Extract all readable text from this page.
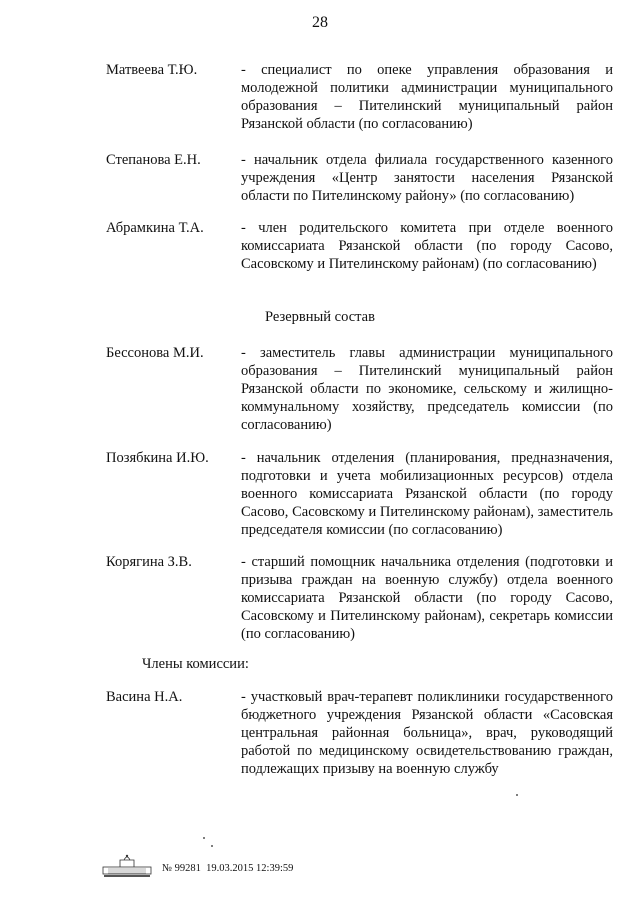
28
Матвеева Т.Ю.	- специалист по опеке управления образования и молодежной политики администрации муниципального образования – Пителинский муниципальный район Рязанской области (по согласованию)
Степанова Е.Н.	- начальник отдела филиала государственного казенного учреждения «Центр занятости населения Рязанской области по Пителинскому району» (по согласованию)
Абрамкина Т.А.	- член родительского комитета при отделе военного комиссариата Рязанской области (по городу Сасово, Сасовскому и Пителинскому районам) (по согласованию)
Резервный состав
Бессонова М.И.	- заместитель главы администрации муниципального образования – Пителинский муниципальный район Рязанской области по экономике, сельскому и жилищно-коммунальному хозяйству, председатель комиссии (по согласованию)
Позябкина И.Ю. - начальник отделения (планирования, предназначения, подготовки и учета мобилизационных ресурсов) отдела военного комиссариата Рязанской области (по городу Сасово, Сасовскому и Пителинскому районам), заместитель председателя комиссии (по согласованию)
Корягина З.В.	- старший помощник начальника отделения (подготовки и призыва граждан на военную службу) отдела военного комиссариата Рязанской области (по городу Сасово, Сасовскому и Пителинскому районам), секретарь комиссии (по согласованию)
Члены комиссии:
Васина Н.А.	- участковый врач-терапевт поликлиники государственного бюджетного учреждения Рязанской области «Сасовская центральная районная больница», врач, руководящий работой по медицинскому освидетельствованию граждан, подлежащих призыву на военную службу
№ 99281 19.03.2015 12:39:59
